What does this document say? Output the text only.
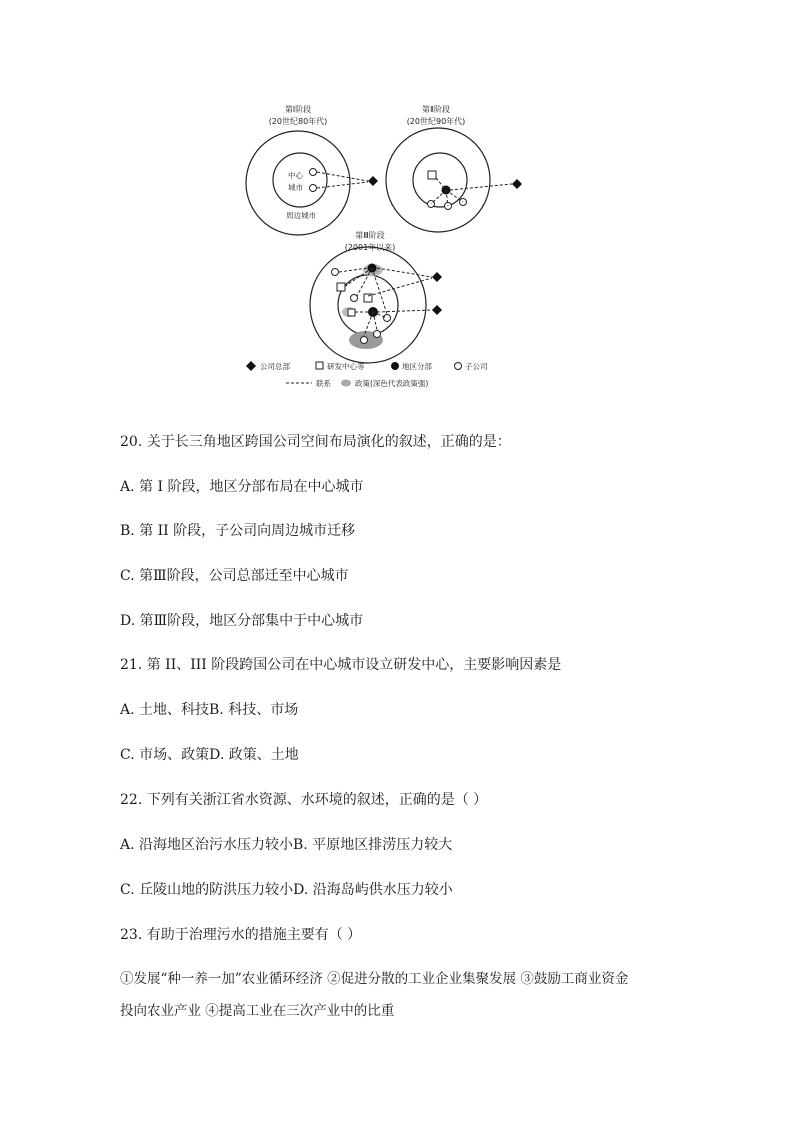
第Ⅰ阶段
(20世纪80年代)
中心
城市
周边城市
第Ⅱ阶段
(20世纪90年代)
第Ⅲ阶段
(2001年以来)
公司总部	研发中心等	地区分部	子公司
联系	政策(深色代表政策强)
20. 关于长三角地区跨国公司空间布局演化的叙述，正确的是：
A. 第 I 阶段，地区分部布局在中心城市
B. 第 II 阶段，子公司向周边城市迁移
C. 第Ⅲ阶段，公司总部迁至中心城市
D. 第Ⅲ阶段，地区分部集中于中心城市
21. 第 II、III 阶段跨国公司在中心城市设立研发中心，主要影响因素是
A. 土地、科技B. 科技、市场
C. 市场、政策D. 政策、土地
22. 下列有关浙江省水资源、水环境的叙述，正确的是（ ）
A. 沿海地区治污水压力较小B. 平原地区排涝压力较大
C. 丘陵山地的防洪压力较小D. 沿海岛屿供水压力较小
23. 有助于治理污水的措施主要有（ ）
①发展“种一养一加”农业循环经济 ②促进分散的工业企业集聚发展 ③鼓励工商业资金
投向农业产业 ④提高工业在三次产业中的比重
